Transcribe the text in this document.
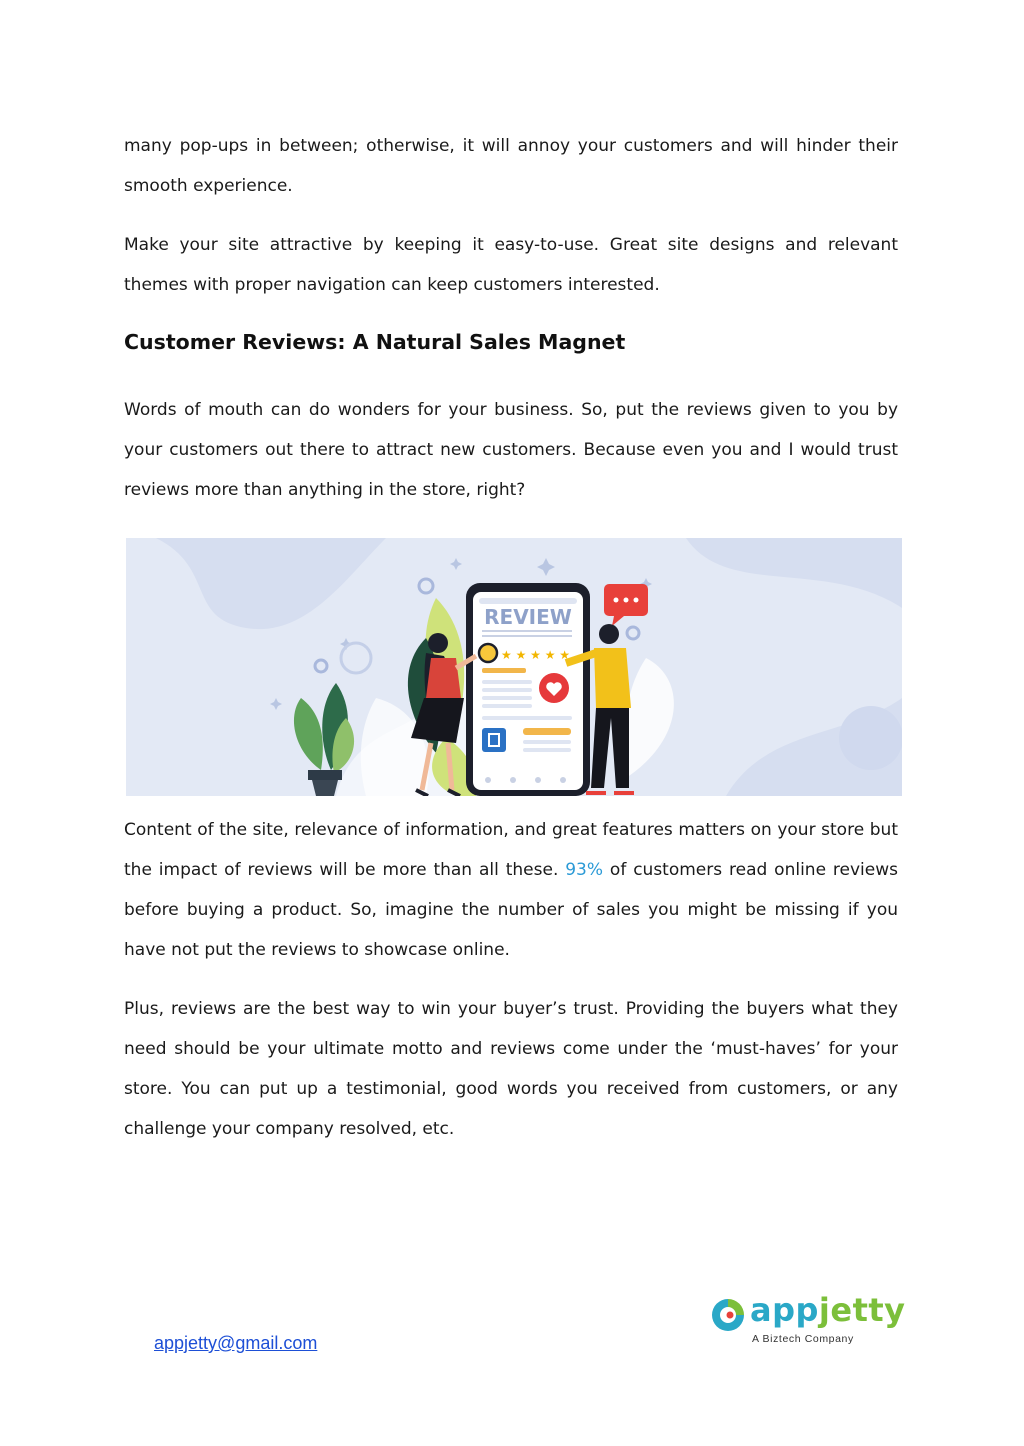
many pop-ups in between; otherwise, it will annoy your customers and will hinder their smooth experience.

Make your site attractive by keeping it easy-to-use. Great site designs and relevant themes with proper navigation can keep customers interested.

Customer Reviews: A Natural Sales Magnet

Words of mouth can do wonders for your business. So, put the reviews given to you by your customers out there to attract new customers. Because even you and I would trust reviews more than anything in the store, right?

REVIEW
★ ★ ★ ★ ★

Content of the site, relevance of information, and great features matters on your store but the impact of reviews will be more than all these. 93% of customers read online reviews before buying a product. So, imagine the number of sales you might be missing if you have not put the reviews to showcase online.

Plus, reviews are the best way to win your buyer’s trust. Providing the buyers what they need should be your ultimate motto and reviews come under the ‘must-haves’ for your store. You can put up a testimonial, good words you received from customers, or any challenge your company resolved, etc.

appjetty
A Biztech Company
appjetty@gmail.com
